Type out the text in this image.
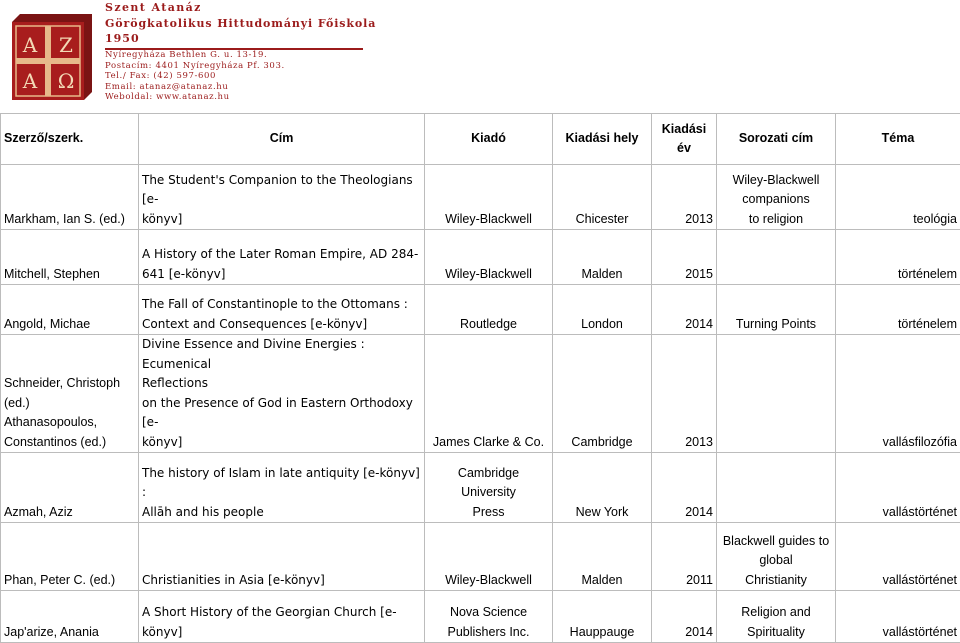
Α Ζ
Α Ω
Szent Atanáz
Görögkatolikus Hittudományi Főiskola
1950
Nyíregyháza Bethlen G. u. 13-19.
Postacím: 4401 Nyíregyháza Pf. 303.
Tel./ Fax: (42) 597-600
Email: atanaz@atanaz.hu
Weboldal: www.atanaz.hu
Szerző/szerk.	Cím	Kiadó	Kiadási hely	Kiadási
év	Sorozati cím	Téma
Markham, Ian S. (ed.)	The Student's Companion to the Theologians [e-
könyv]	Wiley-Blackwell	Chicester	2013	Wiley-Blackwell
companions
to religion	teológia
Mitchell, Stephen	A History of the Later Roman Empire, AD 284-
641 [e-könyv]	Wiley-Blackwell	Malden	2015		történelem
Angold, Michae	The Fall of Constantinople to the Ottomans :
Context and Consequences [e-könyv]	Routledge	London	2014	Turning Points	történelem
Schneider, Christoph
(ed.)
Athanasopoulos,
Constantinos (ed.)	Divine Essence and Divine Energies : Ecumenical
Reflections
on the Presence of God in Eastern Orthodoxy [e-
könyv]	James Clarke & Co.	Cambridge	2013		vallásfilozófia
Azmah, Aziz	The history of Islam in late antiquity [e-könyv] :
Allāh and his people	Cambridge
University
Press	New York	2014		vallástörténet
Phan, Peter C. (ed.)	Christianities in Asia [e-könyv]	Wiley-Blackwell	Malden	2011	Blackwell guides to
global
Christianity	vallástörténet
Jap'arize, Anania	A Short History of the Georgian Church [e-
könyv]	Nova Science
Publishers Inc.	Hauppauge	2014	Religion and
Spirituality	vallástörténet
